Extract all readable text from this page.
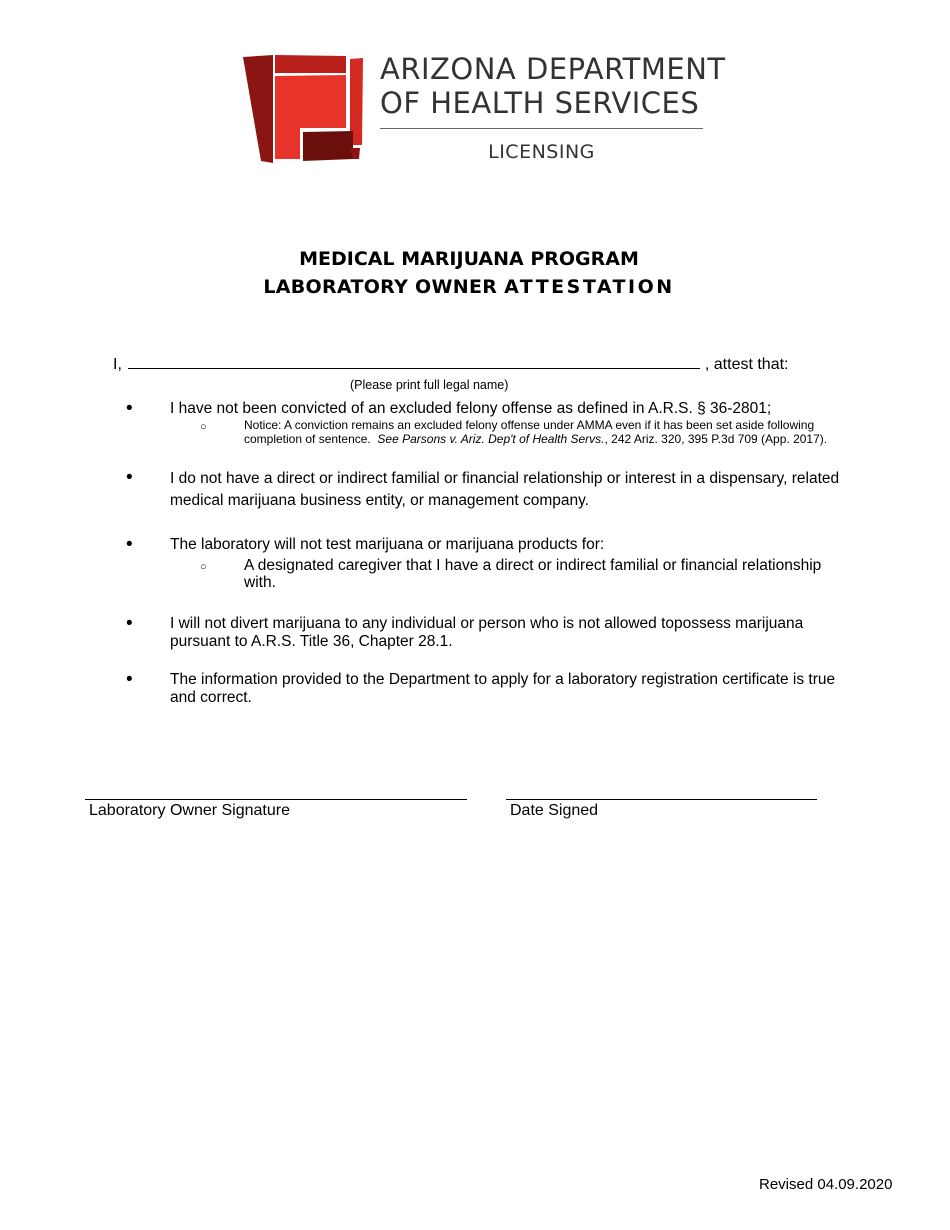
ARIZONA DEPARTMENT
OF HEALTH SERVICES
LICENSING
MEDICAL MARIJUANA PROGRAM
LABORATORY OWNER ATTESTATION
I,	, attest that:
(Please print full legal name)
• I have not been convicted of an excluded felony offense as defined in A.R.S. § 36-2801;
○	Notice: A conviction remains an excluded felony offense under AMMA even if it has been set aside following completion of sentence. See Parsons v. Ariz. Dep't of Health Servs., 242 Ariz. 320, 395 P.3d 709 (App. 2017).
• I do not have a direct or indirect familial or financial relationship or interest in a dispensary, related medical marijuana business entity, or management company.
• The laboratory will not test marijuana or marijuana products for:
○ A designated caregiver that I have a direct or indirect familial or financial relationship with.
• I will not divert marijuana to any individual or person who is not allowed topossess marijuana pursuant to A.R.S. Title 36, Chapter 28.1.
• The information provided to the Department to apply for a laboratory registration certificate is true and correct.
Laboratory Owner Signature	Date Signed
Revised 04.09.2020
